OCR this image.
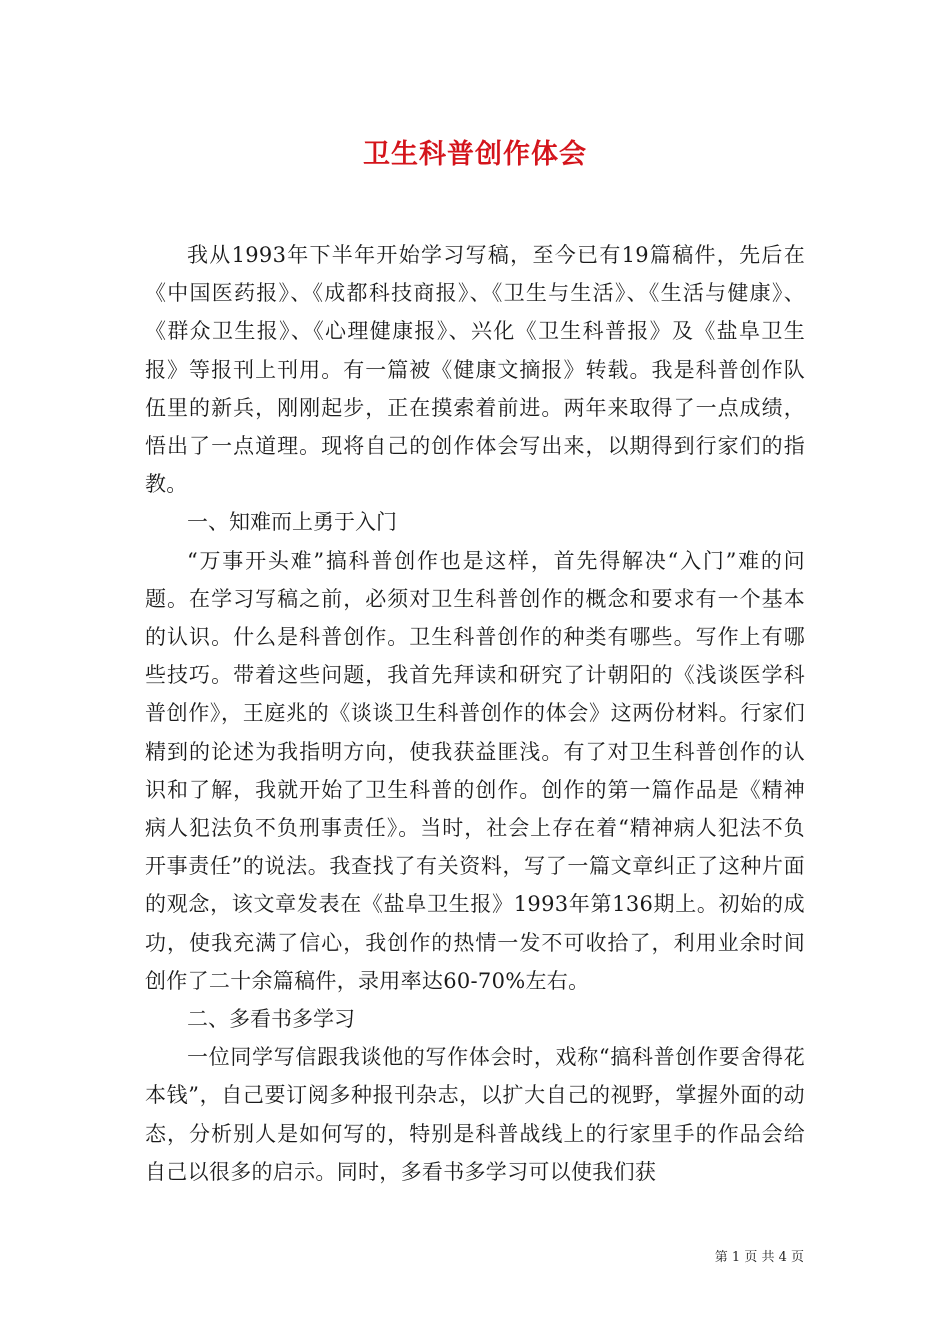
卫生科普创作体会

我从1993年下半年开始学习写稿，至今已有19篇稿件，先后在《中国医药报》、《成都科技商报》、《卫生与生活》、《生活与健康》、《群众卫生报》、《心理健康报》、兴化《卫生科普报》及《盐阜卫生报》等报刊上刊用。有一篇被《健康文摘报》转载。我是科普创作队伍里的新兵，刚刚起步，正在摸索着前进。两年来取得了一点成绩，悟出了一点道理。现将自己的创作体会写出来，以期得到行家们的指教。

一、知难而上勇于入门

“万事开头难”搞科普创作也是这样，首先得解决“入门”难的问题。在学习写稿之前，必须对卫生科普创作的概念和要求有一个基本的认识。什么是科普创作。卫生科普创作的种类有哪些。写作上有哪些技巧。带着这些问题，我首先拜读和研究了计朝阳的《浅谈医学科普创作》，王庭兆的《谈谈卫生科普创作的体会》这两份材料。行家们精到的论述为我指明方向，使我获益匪浅。有了对卫生科普创作的认识和了解，我就开始了卫生科普的创作。创作的第一篇作品是《精神病人犯法负不负刑事责任》。当时，社会上存在着“精神病人犯法不负开事责任”的说法。我查找了有关资料，写了一篇文章纠正了这种片面的观念，该文章发表在《盐阜卫生报》1993年第136期上。初始的成功，使我充满了信心，我创作的热情一发不可收拾了，利用业余时间创作了二十余篇稿件，录用率达60-70%左右。

二、多看书多学习

一位同学写信跟我谈他的写作体会时，戏称“搞科普创作要舍得花本钱”，自己要订阅多种报刊杂志，以扩大自己的视野，掌握外面的动态，分析别人是如何写的，特别是科普战线上的行家里手的作品会给自己以很多的启示。同时，多看书多学习可以使我们获

第 1 页 共 4 页
